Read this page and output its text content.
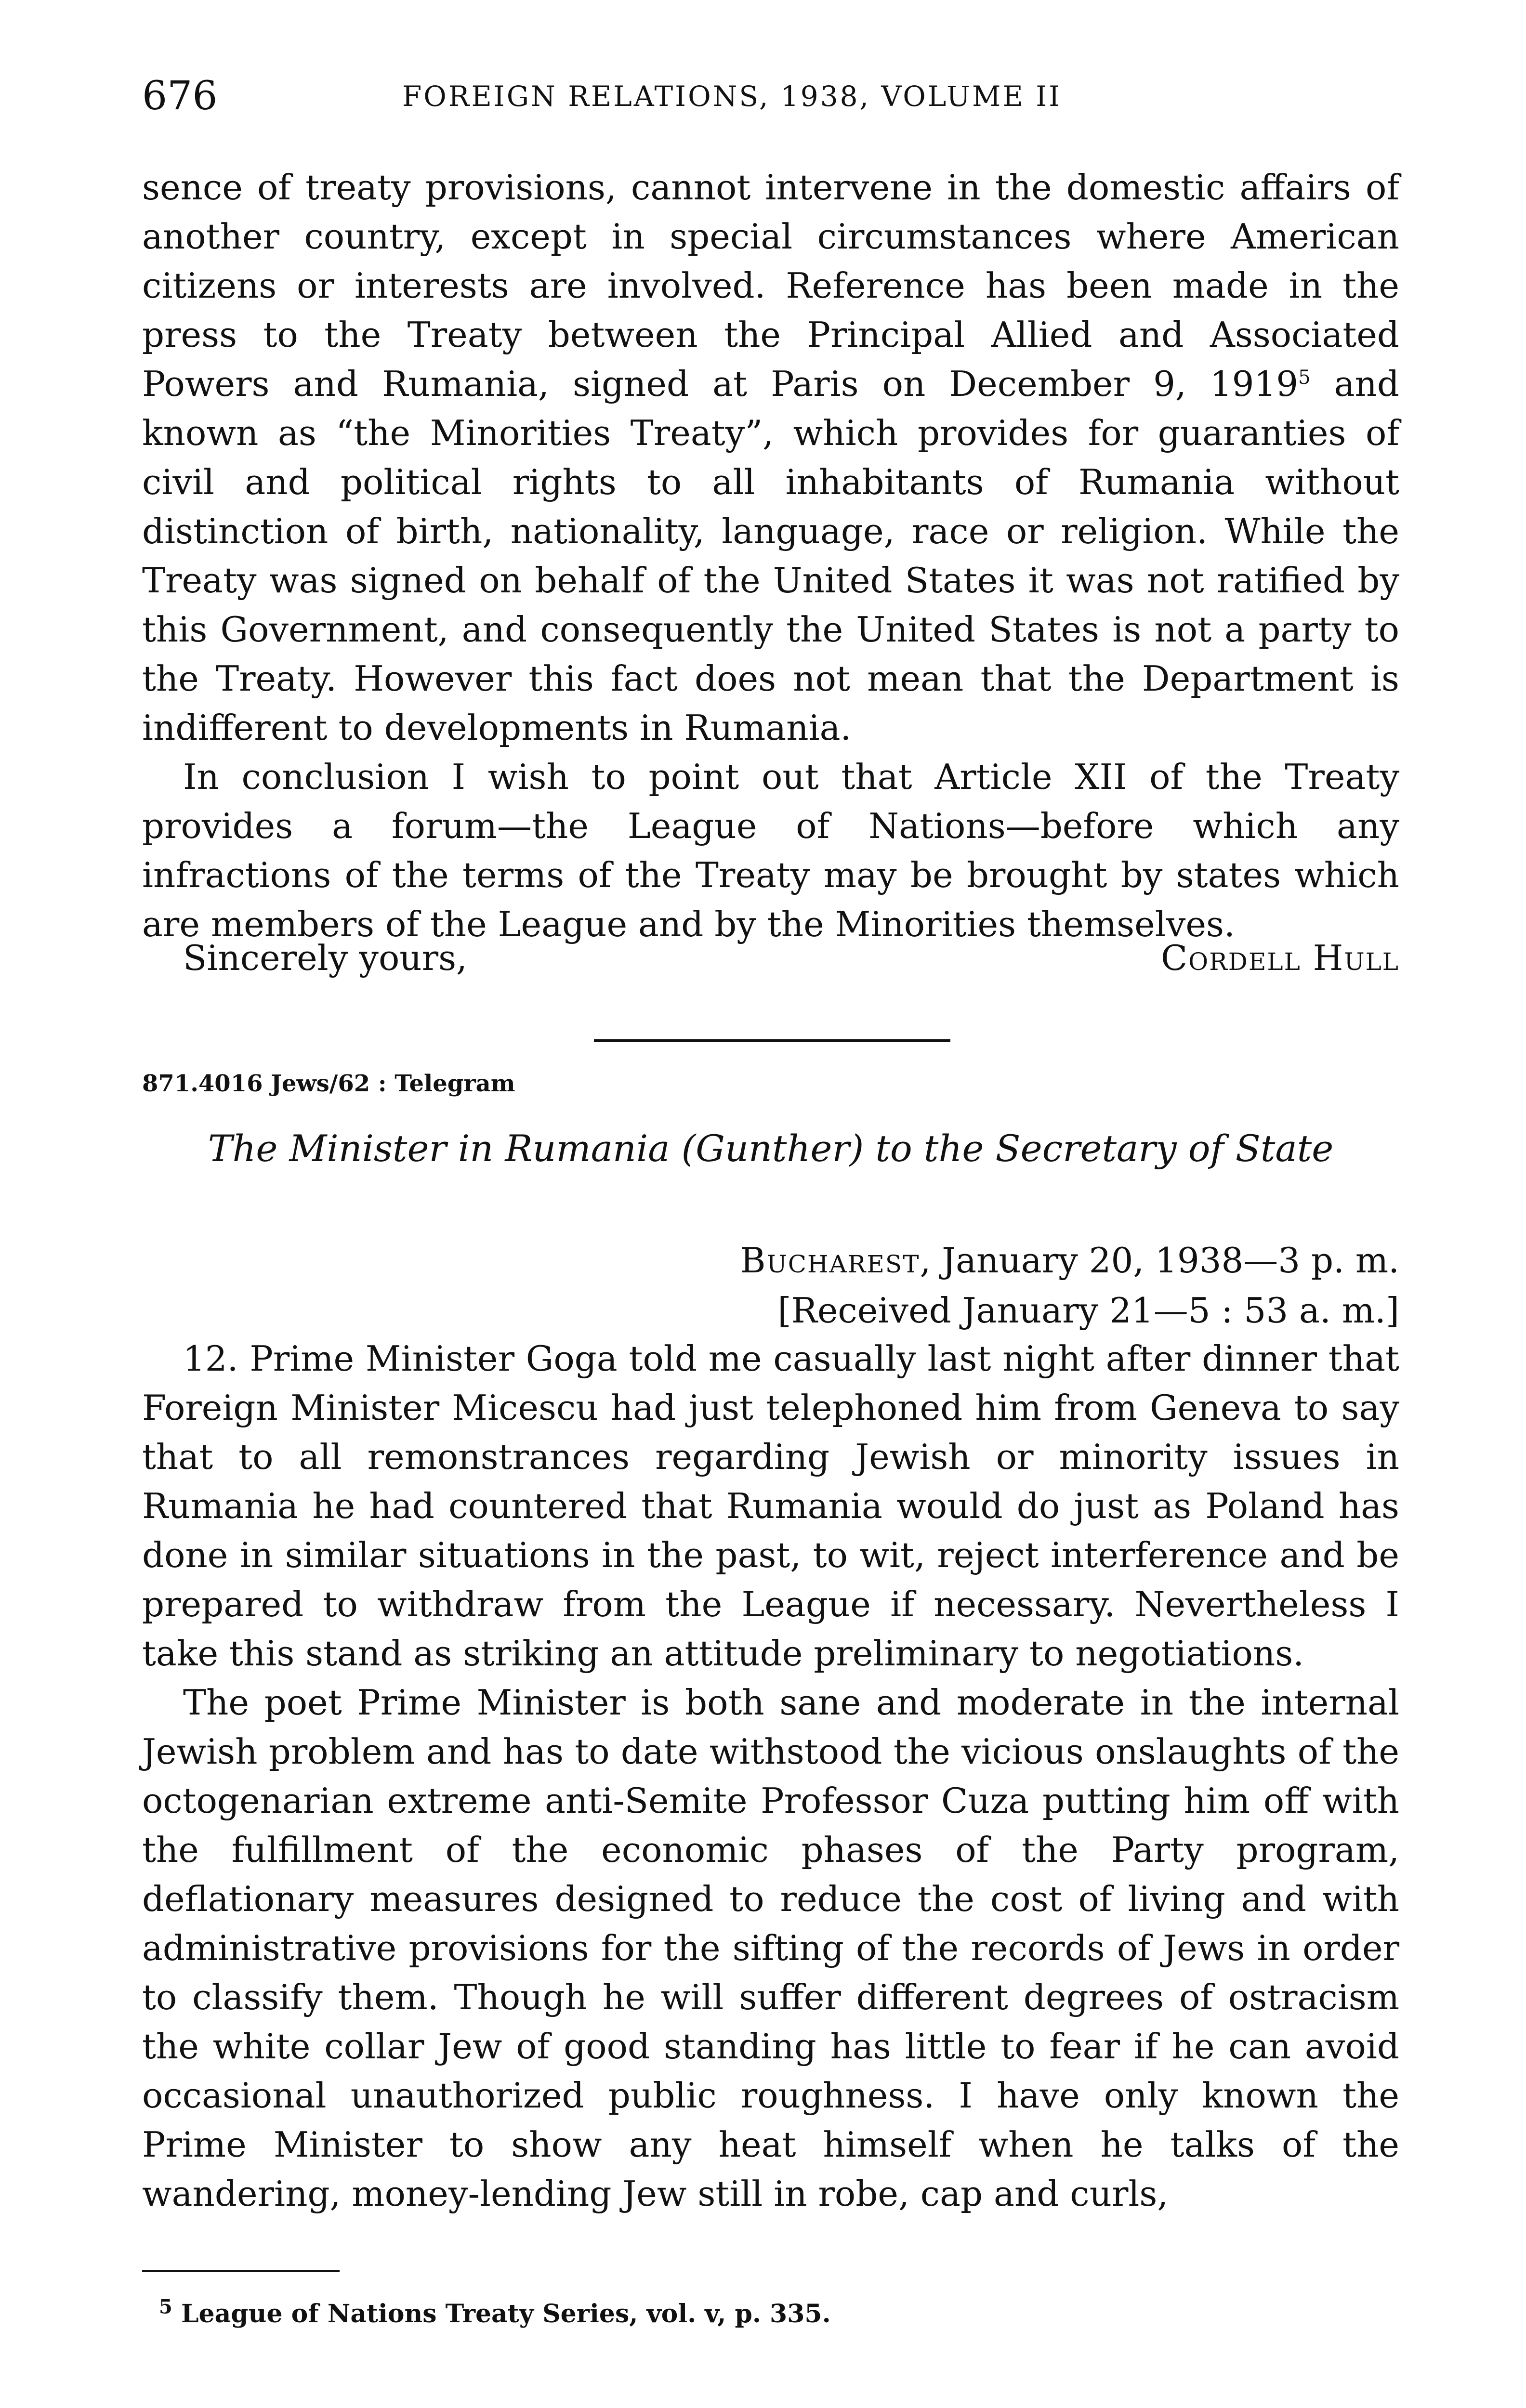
676	FOREIGN RELATIONS, 1938, VOLUME II

sence of treaty provisions, cannot intervene in the domestic affairs of another country, except in special circumstances where American citizens or interests are involved. Reference has been made in the press to the Treaty between the Principal Allied and Associated Powers and Rumania, signed at Paris on December 9, 1919$^5$ and known as “the Minorities Treaty”, which provides for guaranties of civil and political rights to all inhabitants of Rumania without distinction of birth, nationality, language, race or religion. While the Treaty was signed on behalf of the United States it was not ratified by this Government, and consequently the United States is not a party to the Treaty. However this fact does not mean that the Department is indifferent to developments in Rumania.

In conclusion I wish to point out that Article XII of the Treaty provides a forum—the League of Nations—before which any infractions of the terms of the Treaty may be brought by states which are members of the League and by the Minorities themselves.

Sincerely yours,	Cordell Hull
871.4016 Jews/62 : Telegram
The Minister in Rumania (Gunther) to the Secretary of State
Bucharest, January 20, 1938—3 p. m.
[Received January 21—5 : 53 a. m.]

12. Prime Minister Goga told me casually last night after dinner that Foreign Minister Micescu had just telephoned him from Geneva to say that to all remonstrances regarding Jewish or minority issues in Rumania he had countered that Rumania would do just as Poland has done in similar situations in the past, to wit, reject interference and be prepared to withdraw from the League if necessary. Nevertheless I take this stand as striking an attitude preliminary to negotiations.

The poet Prime Minister is both sane and moderate in the internal Jewish problem and has to date withstood the vicious onslaughts of the octogenarian extreme anti-Semite Professor Cuza putting him off with the fulfillment of the economic phases of the Party program, deflationary measures designed to reduce the cost of living and with administrative provisions for the sifting of the records of Jews in order to classify them. Though he will suffer different degrees of ostracism the white collar Jew of good standing has little to fear if he can avoid occasional unauthorized public roughness. I have only known the Prime Minister to show any heat himself when he talks of the wandering, money-lending Jew still in robe, cap and curls,

$^5$ League of Nations Treaty Series, vol. v, p. 335.
